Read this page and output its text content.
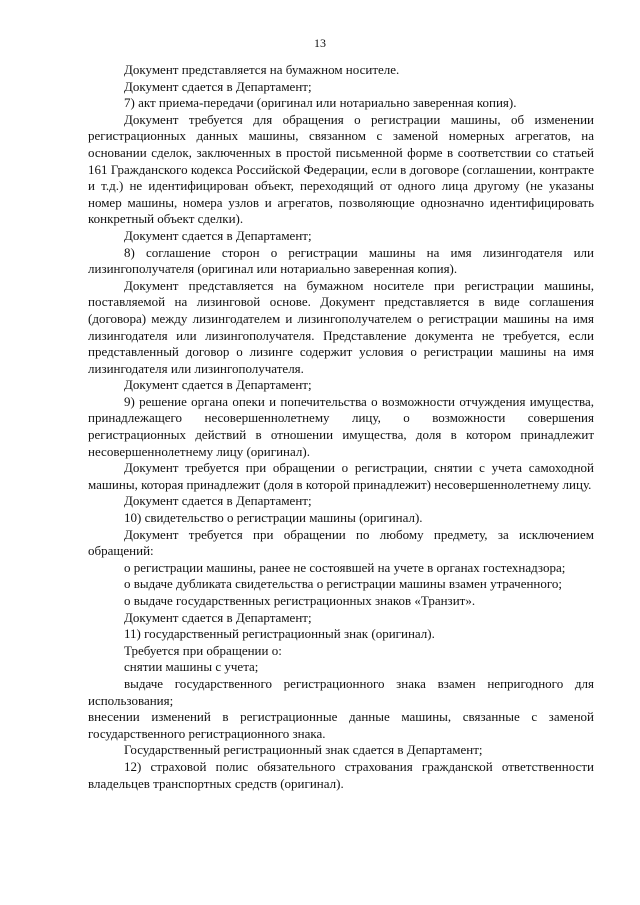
13

Документ представляется на бумажном носителе.

Документ сдается в Департамент;

7) акт приема-передачи (оригинал или нотариально заверенная копия).

Документ требуется для обращения о регистрации машины, об изменении регистрационных данных машины, связанном с заменой номерных агрегатов, на основании сделок, заключенных в простой письменной форме в соответствии со статьей 161 Гражданского кодекса Российской Федерации, если в договоре (соглашении, контракте и т.д.) не идентифицирован объект, переходящий от одного лица другому (не указаны номер машины, номера узлов и агрегатов, позволяющие однозначно идентифицировать конкретный объект сделки).

Документ сдается в Департамент;

8) соглашение сторон о регистрации машины на имя лизингодателя или лизингополучателя (оригинал или нотариально заверенная копия).

Документ представляется на бумажном носителе при регистрации машины, поставляемой на лизинговой основе. Документ представляется в виде соглашения (договора) между лизингодателем и лизингополучателем о регистрации машины на имя лизингодателя или лизингополучателя. Представление документа не требуется, если представленный договор о лизинге содержит условия о регистрации машины на имя лизингодателя или лизингополучателя.

Документ сдается в Департамент;

9) решение органа опеки и попечительства о возможности отчуждения имущества, принадлежащего несовершеннолетнему лицу, о возможности совершения регистрационных действий в отношении имущества, доля в котором принадлежит несовершеннолетнему лицу (оригинал).

Документ требуется при обращении о регистрации, снятии с учета самоходной машины, которая принадлежит (доля в которой принадлежит) несовершеннолетнему лицу.

Документ сдается в Департамент;

10) свидетельство о регистрации машины (оригинал).

Документ требуется при обращении по любому предмету, за исключением обращений:

о регистрации машины, ранее не состоявшей на учете в органах гостехнадзора;

о выдаче дубликата свидетельства о регистрации машины взамен утраченного;

о выдаче государственных регистрационных знаков «Транзит».

Документ сдается в Департамент;

11) государственный регистрационный знак (оригинал).

Требуется при обращении о:

снятии машины с учета;

выдаче государственного регистрационного знака взамен непригодного для использования;

внесении изменений в регистрационные данные машины, связанные с заменой государственного регистрационного знака.

Государственный регистрационный знак сдается в Департамент;

12) страховой полис обязательного страхования гражданской ответственности владельцев транспортных средств (оригинал).
